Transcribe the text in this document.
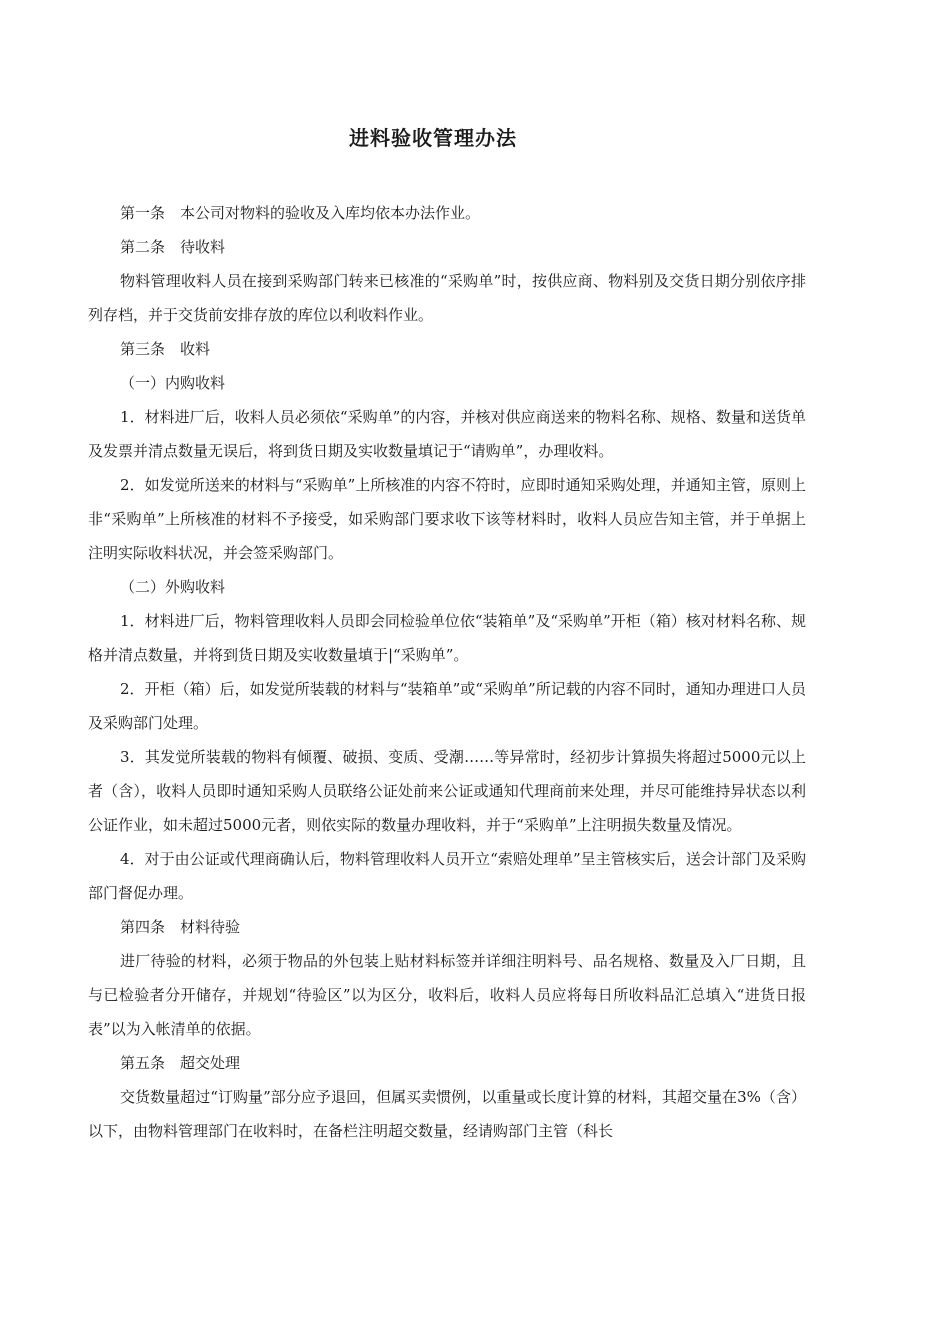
进料验收管理办法

第一条　本公司对物料的验收及入库均依本办法作业。

第二条　待收料

物料管理收料人员在接到采购部门转来已核准的“采购单”时，按供应商、物料别及交货日期分别依序排列存档，并于交货前安排存放的库位以利收料作业。

第三条　收料

（一）内购收料

1．材料进厂后，收料人员必须依“采购单”的内容，并核对供应商送来的物料名称、规格、数量和送货单及发票并清点数量无误后，将到货日期及实收数量填记于“请购单”，办理收料。

2．如发觉所送来的材料与“采购单”上所核准的内容不符时，应即时通知采购处理，并通知主管，原则上非“采购单”上所核准的材料不予接受，如采购部门要求收下该等材料时，收料人员应告知主管，并于单据上注明实际收料状况，并会签采购部门。

（二）外购收料

1．材料进厂后，物料管理收料人员即会同检验单位依“装箱单”及“采购单”开柜（箱）核对材料名称、规格并清点数量，并将到货日期及实收数量填于|“采购单”。

2．开柜（箱）后，如发觉所装载的材料与“装箱单”或“采购单”所记载的内容不同时，通知办理进口人员及采购部门处理。

3．其发觉所装载的物料有倾覆、破损、变质、受潮……等异常时，经初步计算损失将超过5000元以上者（含），收料人员即时通知采购人员联络公证处前来公证或通知代理商前来处理，并尽可能维持异状态以利公证作业，如未超过5000元者，则依实际的数量办理收料，并于“采购单”上注明损失数量及情况。

4．对于由公证或代理商确认后，物料管理收料人员开立“索赔处理单”呈主管核实后，送会计部门及采购部门督促办理。

第四条　材料待验

进厂待验的材料，必须于物品的外包装上贴材料标签并详细注明料号、品名规格、数量及入厂日期，且与已检验者分开储存，并规划“待验区”以为区分，收料后，收料人员应将每日所收料品汇总填入“进货日报表”以为入帐清单的依据。

第五条　超交处理

交货数量超过“订购量”部分应予退回，但属买卖惯例，以重量或长度计算的材料，其超交量在3%（含）以下，由物料管理部门在收料时，在备栏注明超交数量，经请购部门主管（科长
